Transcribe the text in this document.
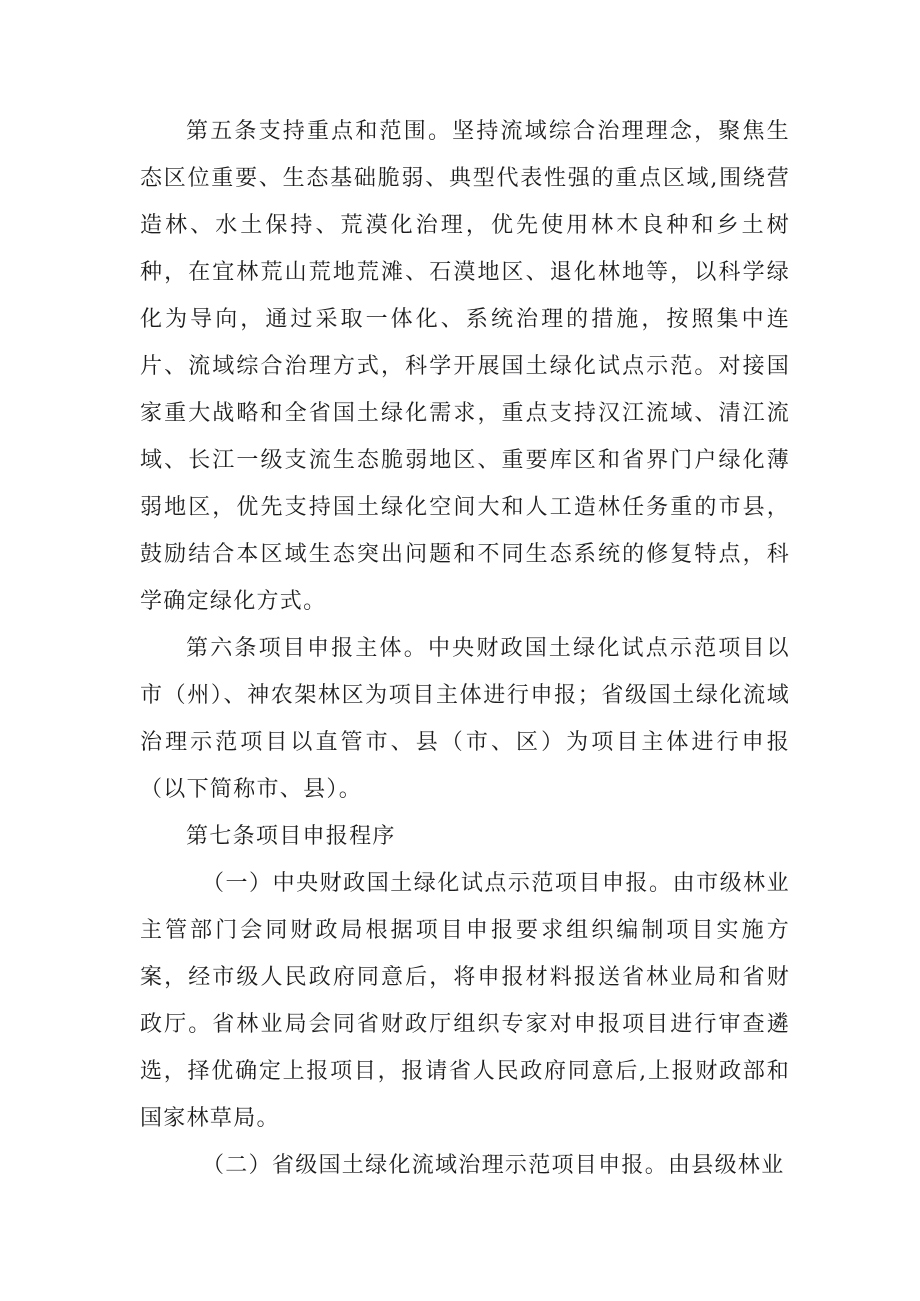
第五条支持重点和范围。坚持流域综合治理理念，聚焦生态区位重要、生态基础脆弱、典型代表性强的重点区域,围绕营造林、水土保持、荒漠化治理，优先使用林木良种和乡土树种，在宜林荒山荒地荒滩、石漠地区、退化林地等，以科学绿化为导向，通过采取一体化、系统治理的措施，按照集中连片、流域综合治理方式，科学开展国土绿化试点示范。对接国家重大战略和全省国土绿化需求，重点支持汉江流域、清江流域、长江一级支流生态脆弱地区、重要库区和省界门户绿化薄弱地区，优先支持国土绿化空间大和人工造林任务重的市县，鼓励结合本区域生态突出问题和不同生态系统的修复特点，科学确定绿化方式。

第六条项目申报主体。中央财政国土绿化试点示范项目以市（州）、神农架林区为项目主体进行申报；省级国土绿化流域治理示范项目以直管市、县（市、区）为项目主体进行申报（以下简称市、县）。

第七条项目申报程序

（一）中央财政国土绿化试点示范项目申报。由市级林业主管部门会同财政局根据项目申报要求组织编制项目实施方案，经市级人民政府同意后，将申报材料报送省林业局和省财政厅。省林业局会同省财政厅组织专家对申报项目进行审查遴选，择优确定上报项目，报请省人民政府同意后,上报财政部和国家林草局。

（二）省级国土绿化流域治理示范项目申报。由县级林业
